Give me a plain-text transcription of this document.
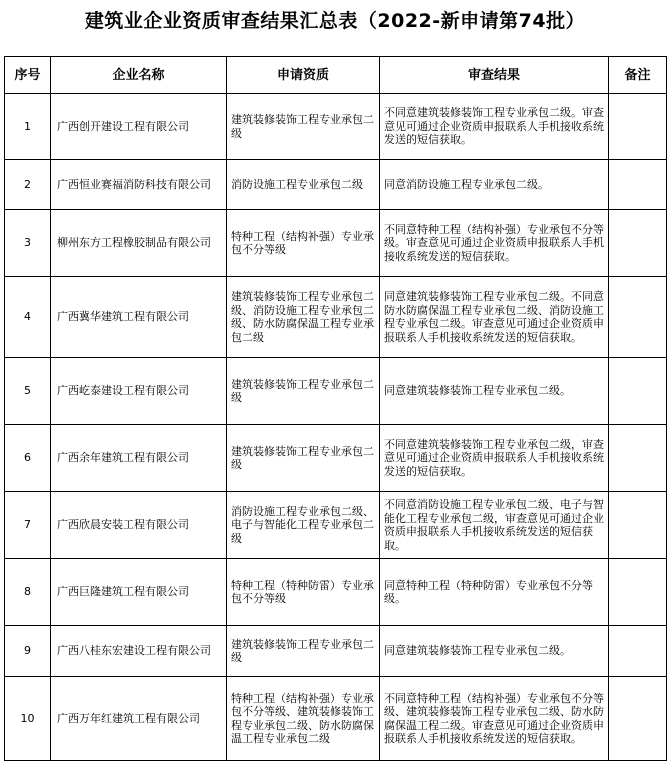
建筑业企业资质审查结果汇总表（2022-新申请第74批）
序号	企业名称	申请资质	审查结果	备注
1	广西创开建设工程有限公司	建筑装修装饰工程专业承包二级	不同意建筑装修装饰工程专业承包二级。审查意见可通过企业资质申报联系人手机接收系统发送的短信获取。	
2	广西恒业赛福消防科技有限公司	消防设施工程专业承包二级	同意消防设施工程专业承包二级。	
3	柳州东方工程橡胶制品有限公司	特种工程（结构补强）专业承包不分等级	不同意特种工程（结构补强）专业承包不分等级。审查意见可通过企业资质申报联系人手机接收系统发送的短信获取。	
4	广西冀华建筑工程有限公司	建筑装修装饰工程专业承包二级、消防设施工程专业承包二级、防水防腐保温工程专业承包二级	同意建筑装修装饰工程专业承包二级。不同意防水防腐保温工程专业承包二级、消防设施工程专业承包二级。审查意见可通过企业资质申报联系人手机接收系统发送的短信获取。	
5	广西屹泰建设工程有限公司	建筑装修装饰工程专业承包二级	同意建筑装修装饰工程专业承包二级。	
6	广西余年建筑工程有限公司	建筑装修装饰工程专业承包二级	不同意建筑装修装饰工程专业承包二级，审查意见可通过企业资质申报联系人手机接收系统发送的短信获取。	
7	广西欣晨安装工程有限公司	消防设施工程专业承包二级、电子与智能化工程专业承包二级	不同意消防设施工程专业承包二级、电子与智能化工程专业承包二级，审查意见可通过企业资质申报联系人手机接收系统发送的短信获取。	
8	广西巨隆建筑工程有限公司	特种工程（特种防雷）专业承包不分等级	同意特种工程（特种防雷）专业承包不分等级。	
9	广西八桂东宏建设工程有限公司	建筑装修装饰工程专业承包二级	同意建筑装修装饰工程专业承包二级。	
10	广西万年红建筑工程有限公司	特种工程（结构补强）专业承包不分等级、建筑装修装饰工程专业承包二级、防水防腐保温工程专业承包二级	不同意特种工程（结构补强）专业承包不分等级、建筑装修装饰工程专业承包二级、防水防腐保温工程二级。审查意见可通过企业资质申报联系人手机接收系统发送的短信获取。	
